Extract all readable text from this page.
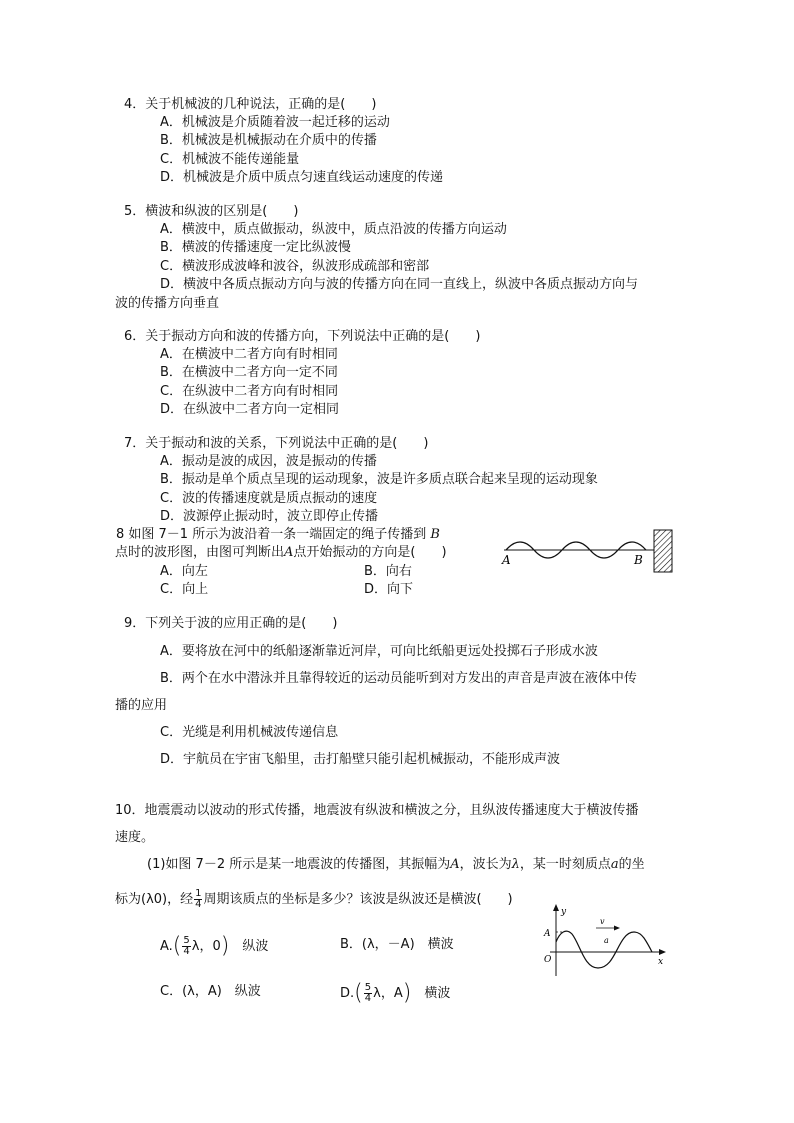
4．关于机械波的几种说法，正确的是(　　)
A．机械波是介质随着波一起迁移的运动
B．机械波是机械振动在介质中的传播
C．机械波不能传递能量
D．机械波是介质中质点匀速直线运动速度的传递
5．横波和纵波的区别是(　　)
A．横波中，质点做振动，纵波中，质点沿波的传播方向运动
B．横波的传播速度一定比纵波慢
C．横波形成波峰和波谷，纵波形成疏部和密部
D．横波中各质点振动方向与波的传播方向在同一直线上，纵波中各质点振动方向与
波的传播方向垂直
6．关于振动方向和波的传播方向，下列说法中正确的是(　　)
A．在横波中二者方向有时相同
B．在横波中二者方向一定不同
C．在纵波中二者方向有时相同
D．在纵波中二者方向一定相同
7．关于振动和波的关系，下列说法中正确的是(　　)
A．振动是波的成因，波是振动的传播
B．振动是单个质点呈现的运动现象，波是许多质点联合起来呈现的运动现象
C．波的传播速度就是质点振动的速度
D．波源停止振动时，波立即停止传播
8 如图 7－1 所示为波沿着一条一端固定的绳子传播到 B
点时的波形图，由图可判断出A点开始振动的方向是(　　)
A．向左	B．向右
C．向上	D．向下
A	B
9．下列关于波的应用正确的是(　　)
A．要将放在河中的纸船逐渐靠近河岸，可向比纸船更远处投掷石子形成水波
B．两个在水中潜泳并且靠得较近的运动员能听到对方发出的声音是声波在液体中传
播的应用
C．光缆是利用机械波传递信息
D．宇航员在宇宙飞船里，击打船壁只能引起机械振动，不能形成声波
10．地震震动以波动的形式传播，地震波有纵波和横波之分，且纵波传播速度大于横波传播
速度。
(1)如图 7－2 所示是某一地震波的传播图，其振幅为A，波长为λ，某一时刻质点a的坐
标为(λ0)，经 $\frac{1}{4}$ 周期该质点的坐标是多少？该波是纵波还是横波(　　)
$A.( \frac{5}{4}$ λ，0)　 纵波	B．(λ，－A)　横波
C．(λ，A)　纵波	$D.( \frac{5}{4}$ λ，A)　 横波
y
v
a
A
O	x
